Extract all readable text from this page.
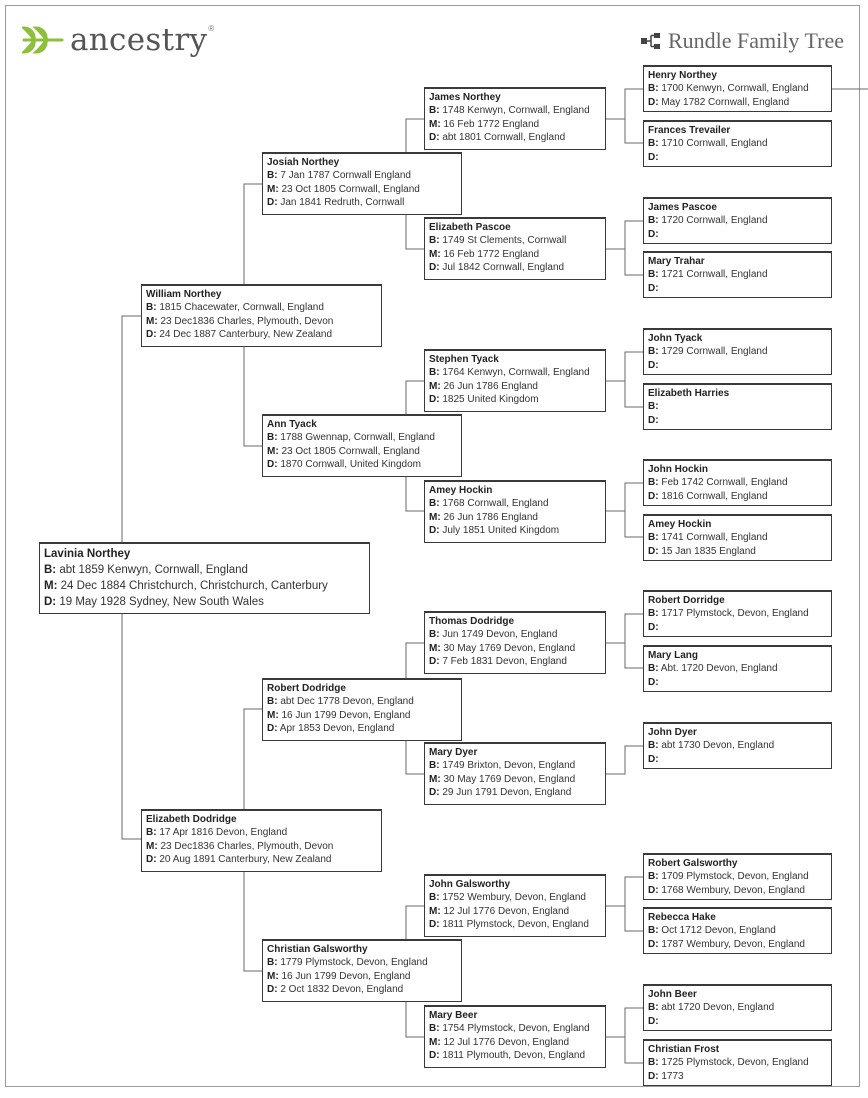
ancestry ®	Rundle Family Tree
Lavinia Northey
B: abt 1859 Kenwyn, Cornwall, England
M: 24 Dec 1884 Christchurch, Christchurch, Canterbury
D: 19 May 1928 Sydney, New South Wales
William Northey
B: 1815 Chacewater, Cornwall, England
M: 23 Dec1836 Charles, Plymouth, Devon
D: 24 Dec 1887 Canterbury, New Zealand
Elizabeth Dodridge
B: 17 Apr 1816 Devon, England
M: 23 Dec1836 Charles, Plymouth, Devon
D: 20 Aug 1891 Canterbury, New Zealand
Josiah Northey
B: 7 Jan 1787 Cornwall England
M: 23 Oct 1805 Cornwall, England
D: Jan 1841 Redruth, Cornwall
Ann Tyack
B: 1788 Gwennap, Cornwall, England
M: 23 Oct 1805 Cornwall, England
D: 1870 Cornwall, United Kingdom
Robert Dodridge
B: abt Dec 1778 Devon, England
M: 16 Jun 1799 Devon, England
D: Apr 1853 Devon, England
Christian Galsworthy
B: 1779 Plymstock, Devon, England
M: 16 Jun 1799 Devon, England
D: 2 Oct 1832 Devon, England
James Northey
B: 1748 Kenwyn, Cornwall, England
M: 16 Feb 1772 England
D: abt 1801 Cornwall, England
Elizabeth Pascoe
B: 1749 St Clements, Cornwall
M: 16 Feb 1772 England
D: Jul 1842 Cornwall, England
Stephen Tyack
B: 1764 Kenwyn, Cornwall, England
M: 26 Jun 1786 England
D: 1825 United Kingdom
Amey Hockin
B: 1768 Cornwall, England
M: 26 Jun 1786 England
D: July 1851 United Kingdom
Thomas Dodridge
B: Jun 1749 Devon, England
M: 30 May 1769 Devon, England
D: 7 Feb 1831 Devon, England
Mary Dyer
B: 1749 Brixton, Devon, England
M: 30 May 1769 Devon, England
D: 29 Jun 1791 Devon, England
John Galsworthy
B: 1752 Wembury, Devon, England
M: 12 Jul 1776 Devon, England
D: 1811 Plymstock, Devon, England
Mary Beer
B: 1754 Plymstock, Devon, England
M: 12 Jul 1776 Devon, England
D: 1811 Plymouth, Devon, England
Henry Northey
B: 1700 Kenwyn, Cornwall, England
D: May 1782 Cornwall, England
Frances Trevailer
B: 1710 Cornwall, England
D:
James Pascoe
B: 1720 Cornwall, England
D:
Mary Trahar
B: 1721 Cornwall, England
D:
John Tyack
B: 1729 Cornwall, England
D:
Elizabeth Harries
B:
D:
John Hockin
B: Feb 1742 Cornwall, England
D: 1816 Cornwall, England
Amey Hockin
B: 1741 Cornwall, England
D: 15 Jan 1835 England
Robert Dorridge
B: 1717 Plymstock, Devon, England
D:
Mary Lang
B: Abt. 1720 Devon, England
D:
John Dyer
B: abt 1730 Devon, England
D:
Robert Galsworthy
B: 1709 Plymstock, Devon, England
D: 1768 Wembury, Devon, England
Rebecca Hake
B: Oct 1712 Devon, England
D: 1787 Wembury, Devon, England
John Beer
B: abt 1720 Devon, England
D:
Christian Frost
B: 1725 Plymstock, Devon, England
D: 1773
